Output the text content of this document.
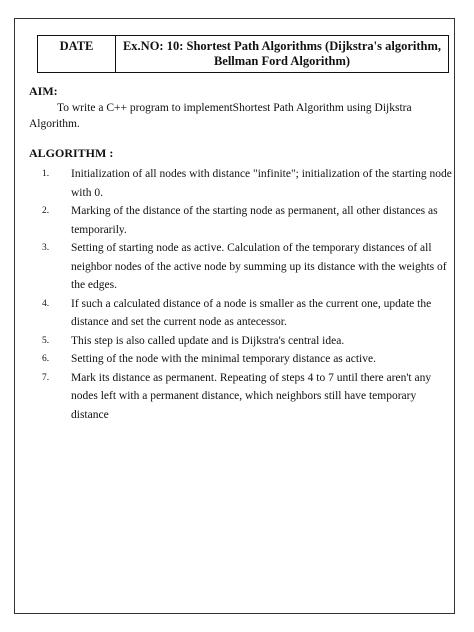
DATE	Ex.NO: 10: Shortest Path Algorithms (Dijkstra's algorithm,
Bellman Ford Algorithm)
AIM:
To write a C++ program to implementShortest Path Algorithm using Dijkstra Algorithm.
ALGORITHM :
1.	Initialization of all nodes with distance "infinite"; initialization of the starting node with 0.
2.	Marking of the distance of the starting node as permanent, all other distances as temporarily.
3.	Setting of starting node as active. Calculation of the temporary distances of all neighbor nodes of the active node by summing up its distance with the weights of the edges.
4.	If such a calculated distance of a node is smaller as the current one, update the distance and set the current node as antecessor.
5.	This step is also called update and is Dijkstra's central idea.
6.	Setting of the node with the minimal temporary distance as active.
7.	Mark its distance as permanent. Repeating of steps 4 to 7 until there aren't any nodes left with a permanent distance, which neighbors still have temporary distance
